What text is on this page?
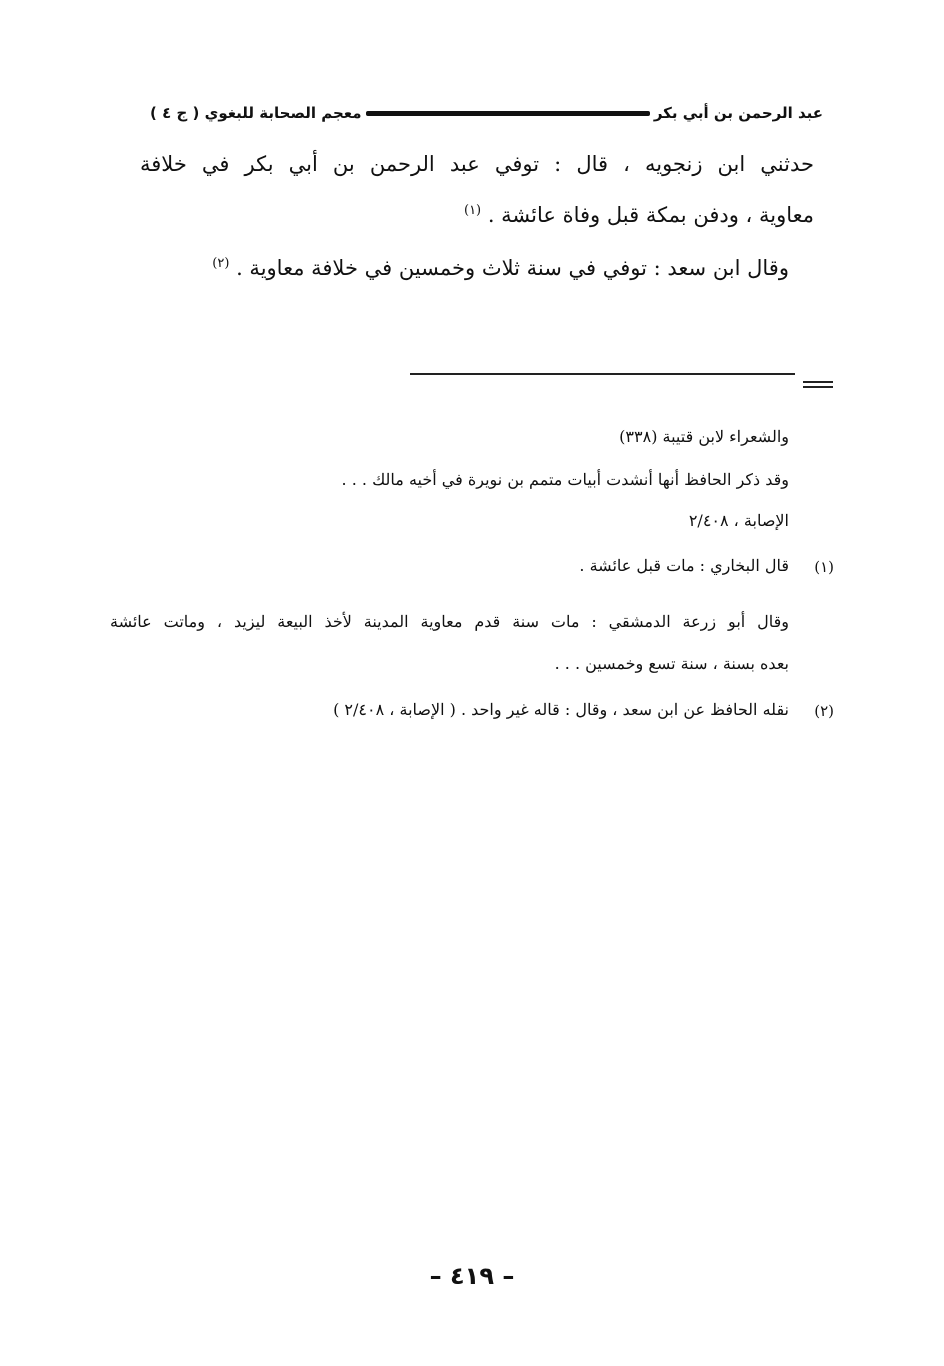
معجم الصحابة للبغوي ( ج ٤ )	عبد الرحمن بن أبي بكر
حدثني ابن زنجويه ، قال : توفي عبد الرحمن بن أبي بكر في خلافة
معاوية ، ودفن بمكة قبل وفاة عائشة . $^{(١)}$
وقال ابن سعد : توفي في سنة ثلاث وخمسين في خلافة معاوية . $^{(٢)}$
والشعراء لابن قتيبة (٣٣٨)
وقد ذكر الحافظ أنها أنشدت أبيات متمم بن نويرة في أخيه مالك . . .
الإصابة ، ٢/٤٠٨
(١)
قال البخاري : مات قبل عائشة .
وقال أبو زرعة الدمشقي : مات سنة قدم معاوية المدينة لأخذ البيعة ليزيد ، وماتت عائشة
بعده بسنة ، سنة تسع وخمسين . . .
(٢)
نقله الحافظ عن ابن سعد ، وقال : قاله غير واحد . ( الإصابة ، ٢/٤٠٨ )
– ٤١٩ –
